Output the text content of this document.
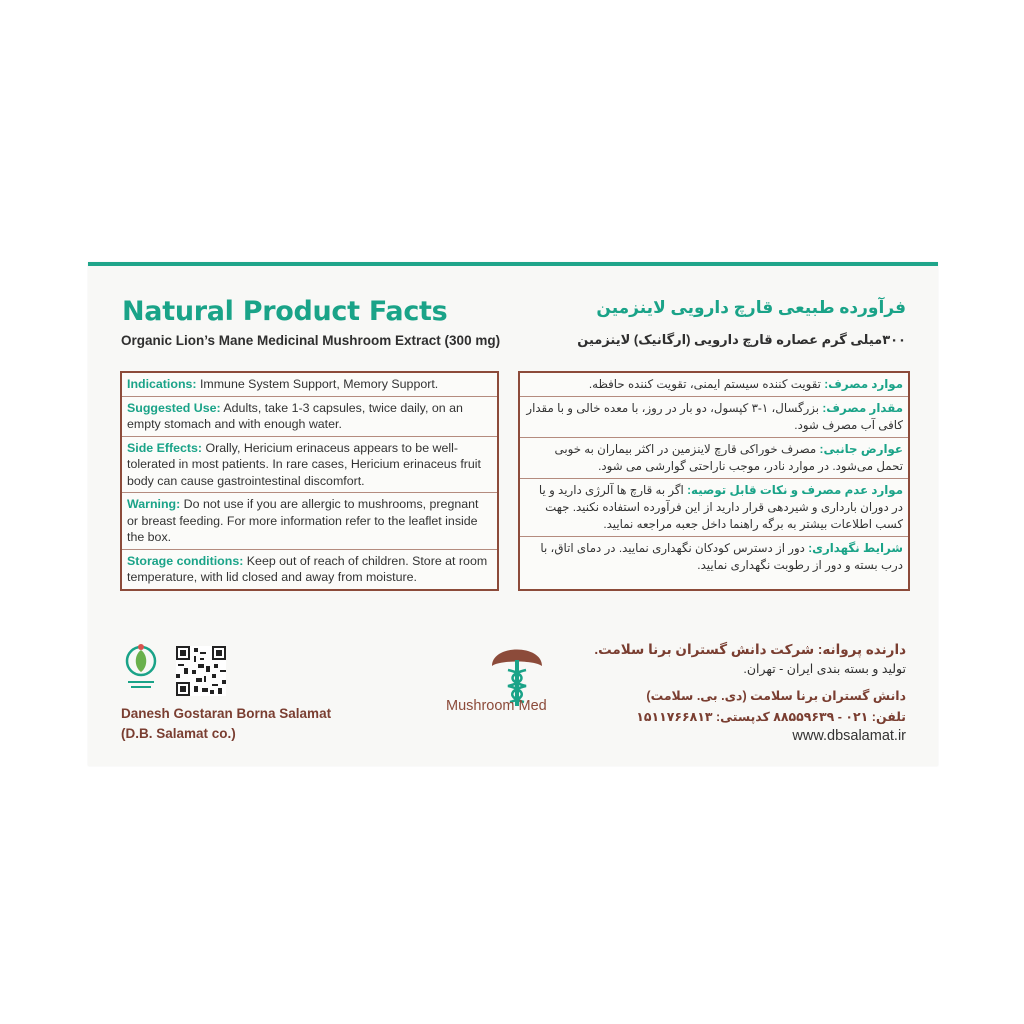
Natural Product Facts
Organic Lion’s Mane Medicinal Mushroom Extract (300 mg)
فرآورده طبیعی قارچ دارویی لاینزمین
۳۰۰میلی گرم عصاره قارچ دارویی (ارگانیک) لاینزمین
Indications: Immune System Support, Memory Support.
Suggested Use: Adults, take 1-3 capsules, twice daily, on an empty stomach and with enough water.
Side Effects: Orally, Hericium erinaceus appears to be well-tolerated in most patients. In rare cases, Hericium erinaceus fruit body can cause gastrointestinal discomfort.
Warning: Do not use if you are allergic to mushrooms, pregnant or breast feeding. For more information refer to the leaflet inside the box.
Storage conditions: Keep out of reach of children. Store at room temperature, with lid closed and away from moisture.
موارد مصرف: تقویت کننده سیستم ایمنی، تقویت کننده حافظه.
مقدار مصرف: بزرگسال، ۱-۳ کپسول، دو بار در روز، با معده خالی و با مقدار کافی آب مصرف شود.
عوارض جانبی: مصرف خوراکی قارچ لاینزمین در اکثر بیماران به خوبی تحمل می‌شود. در موارد نادر، موجب ناراحتی گوارشی می شود.
موارد عدم مصرف و نکات قابل توصیه: اگر به قارچ ها آلرژی دارید و یا در دوران بارداری و شیردهی قرار دارید از این فرآورده استفاده نکنید. جهت کسب اطلاعات بیشتر به برگه راهنما داخل جعبه مراجعه نمایید.
شرایط نگهداری: دور از دسترس کودکان نگهداری نمایید. در دمای اتاق، با درب بسته و دور از رطوبت نگهداری نمایید.
Danesh Gostaran Borna Salamat
(D.B. Salamat co.)
Mushroom Med
دارنده پروانه: شرکت دانش گستران برنا سلامت.
تولید و بسته بندی ایران - تهران.
دانش گستران برنا سلامت (دی. بی. سلامت)
تلفن: ۰۲۱ - ۸۸۵۵۹۶۳۹ کدپستی: ۱۵۱۱۷۶۶۸۱۳
www.dbsalamat.ir
